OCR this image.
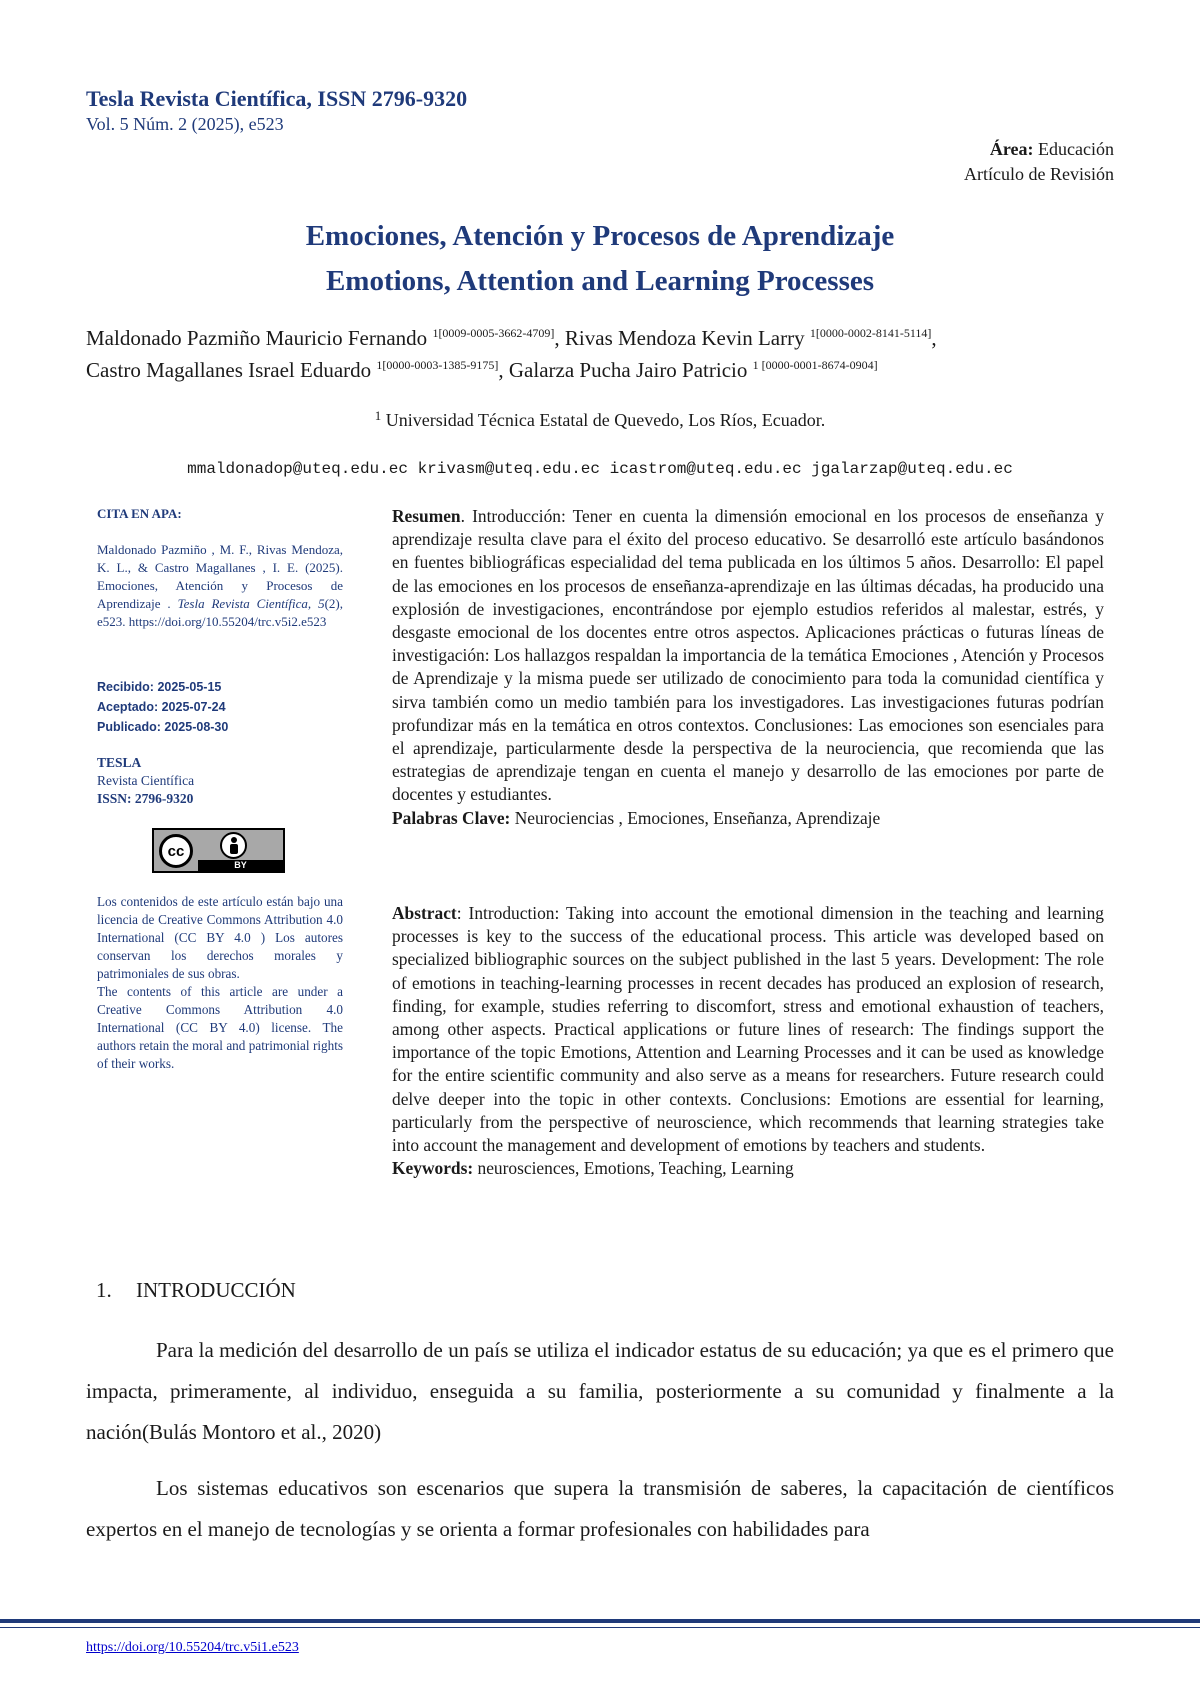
Tesla Revista Científica, ISSN 2796-9320
Vol. 5 Núm. 2 (2025), e523
Área: Educación
Artículo de Revisión
Emociones, Atención y Procesos de Aprendizaje
Emotions, Attention and Learning Processes
Maldonado Pazmiño Mauricio Fernando $^{1[0009-0005-3662-4709]}$, Rivas Mendoza Kevin Larry $^{1[0000-0002-8141-5114]}$,
Castro Magallanes Israel Eduardo $^{1[0000-0003-1385-9175]}$, Galarza Pucha Jairo Patricio $^{1 [0000-0001-8674-0904]}$
$^1$ Universidad Técnica Estatal de Quevedo, Los Ríos, Ecuador.
mmaldonadop@uteq.edu.ec krivasm@uteq.edu.ec icastrom@uteq.edu.ec jgalarzap@uteq.edu.ec
CITA EN APA:
Maldonado Pazmiño , M. F., Rivas Mendoza, K. L., & Castro Magallanes , I. E. (2025). Emociones, Atención y Procesos de Aprendizaje . Tesla Revista Científica, 5(2), e523. https://doi.org/10.55204/trc.v5i2.e523
Recibido: 2025-05-15
Aceptado: 2025-07-24
Publicado: 2025-08-30
TESLA
Revista Científica
ISSN: 2796-9320
cc
BY
Los contenidos de este artículo están bajo una licencia de Creative Commons Attribution 4.0 International (CC BY 4.0 ) Los autores conservan los derechos morales y patrimoniales de sus obras.
The contents of this article are under a Creative Commons Attribution 4.0 International (CC BY 4.0) license. The authors retain the moral and patrimonial rights of their works.
Resumen. Introducción: Tener en cuenta la dimensión emocional en los procesos de enseñanza y aprendizaje resulta clave para el éxito del proceso educativo. Se desarrolló este artículo basándonos en fuentes bibliográficas especialidad del tema publicada en los últimos 5 años. Desarrollo: El papel de las emociones en los procesos de enseñanza-aprendizaje en las últimas décadas, ha producido una explosión de investigaciones, encontrándose por ejemplo estudios referidos al malestar, estrés, y desgaste emocional de los docentes entre otros aspectos. Aplicaciones prácticas o futuras líneas de investigación: Los hallazgos respaldan la importancia de la temática Emociones , Atención y Procesos de Aprendizaje y la misma puede ser utilizado de conocimiento para toda la comunidad científica y sirva también como un medio también para los investigadores. Las investigaciones futuras podrían profundizar más en la temática en otros contextos. Conclusiones: Las emociones son esenciales para el aprendizaje, particularmente desde la perspectiva de la neurociencia, que recomienda que las estrategias de aprendizaje tengan en cuenta el manejo y desarrollo de las emociones por parte de docentes y estudiantes.
Palabras Clave: Neurociencias , Emociones, Enseñanza, Aprendizaje
Abstract: Introduction: Taking into account the emotional dimension in the teaching and learning processes is key to the success of the educational process. This article was developed based on specialized bibliographic sources on the subject published in the last 5 years. Development: The role of emotions in teaching-learning processes in recent decades has produced an explosion of research, finding, for example, studies referring to discomfort, stress and emotional exhaustion of teachers, among other aspects. Practical applications or future lines of research: The findings support the importance of the topic Emotions, Attention and Learning Processes and it can be used as knowledge for the entire scientific community and also serve as a means for researchers. Future research could delve deeper into the topic in other contexts. Conclusions: Emotions are essential for learning, particularly from the perspective of neuroscience, which recommends that learning strategies take into account the management and development of emotions by teachers and students.
Keywords: neurosciences, Emotions, Teaching, Learning
1. INTRODUCCIÓN
Para la medición del desarrollo de un país se utiliza el indicador estatus de su educación; ya que es el primero que impacta, primeramente, al individuo, enseguida a su familia, posteriormente a su comunidad y finalmente a la nación(Bulás Montoro et al., 2020)
Los sistemas educativos son escenarios que supera la transmisión de saberes, la capacitación de científicos expertos en el manejo de tecnologías y se orienta a formar profesionales con habilidades para
https://doi.org/10.55204/trc.v5i1.e523
